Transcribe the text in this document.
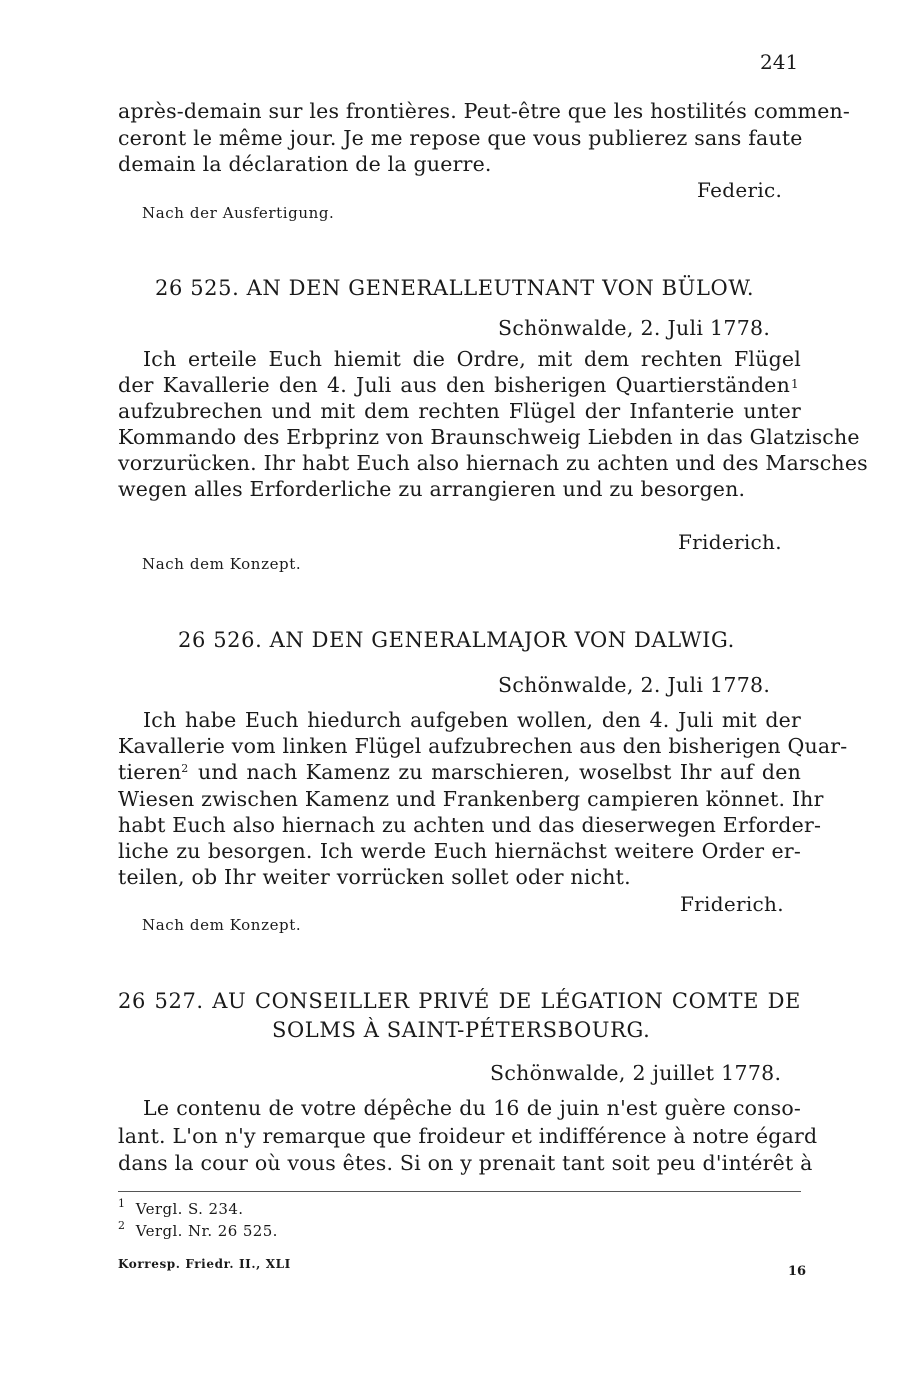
241
après-demain sur les frontières. Peut-être que les hostilités commen-
ceront le même jour. Je me repose que vous publierez sans faute
demain la déclaration de la guerre.
Federic.
Nach der Ausfertigung.
26 525. AN DEN GENERALLEUTNANT VON BÜLOW.
Schönwalde, 2. Juli 1778.
Ich erteile Euch hiemit die Ordre, mit dem rechten Flügel
der Kavallerie den 4. Juli aus den bisherigen Quartierständen 1
aufzubrechen und mit dem rechten Flügel der Infanterie unter
Kommando des Erbprinz von Braunschweig Liebden in das Glatzische
vorzurücken. Ihr habt Euch also hiernach zu achten und des Marsches
wegen alles Erforderliche zu arrangieren und zu besorgen.
Friderich.
Nach dem Konzept.
26 526. AN DEN GENERALMAJOR VON DALWIG.
Schönwalde, 2. Juli 1778.
Ich habe Euch hiedurch aufgeben wollen, den 4. Juli mit der
Kavallerie vom linken Flügel aufzubrechen aus den bisherigen Quar-
tieren$^2$ und nach Kamenz zu marschieren, woselbst Ihr auf den
Wiesen zwischen Kamenz und Frankenberg campieren könnet. Ihr
habt Euch also hiernach zu achten und das dieserwegen Erforder-
liche zu besorgen. Ich werde Euch hiernächst weitere Order er-
teilen, ob Ihr weiter vorrücken sollet oder nicht.
Friderich.
Nach dem Konzept.
26 527. AU CONSEILLER PRIVÉ DE LÉGATION COMTE DE
SOLMS À SAINT-PÉTERSBOURG.
Schönwalde, 2 juillet 1778.
Le contenu de votre dépêche du 16 de juin n'est guère conso-
lant. L'on n'y remarque que froideur et indifférence à notre égard
dans la cour où vous êtes. Si on y prenait tant soit peu d'intérêt à
$^1$ Vergl. S. 234.
$^2$ Vergl. Nr. 26 525.
Korresp. Friedr. II., XLI	16
